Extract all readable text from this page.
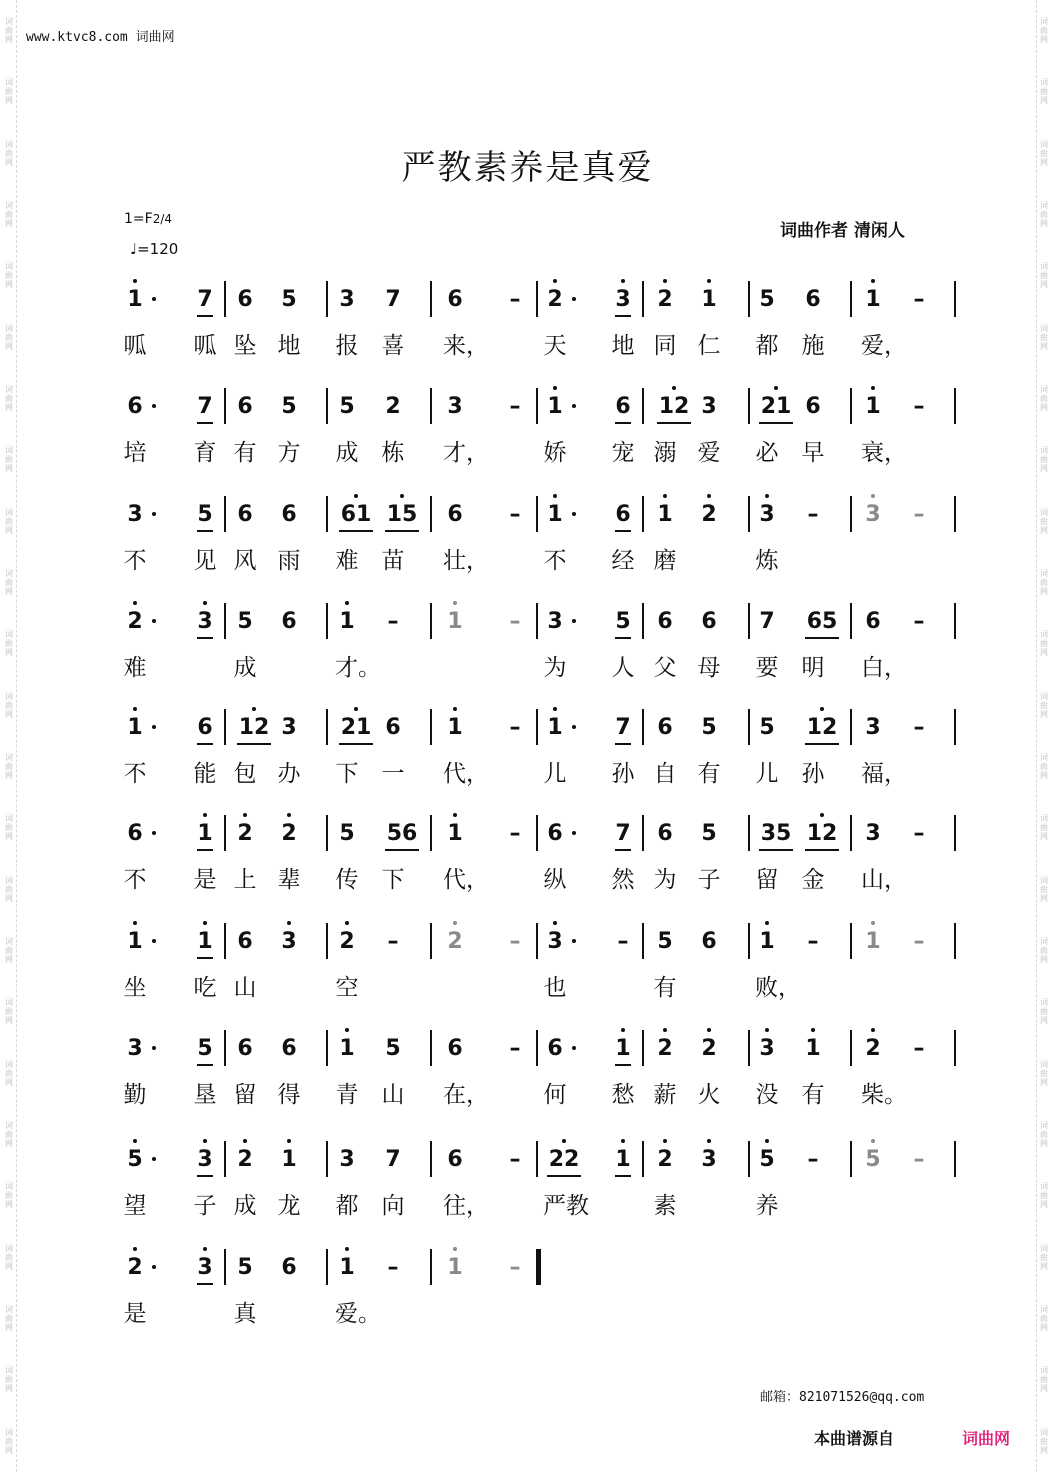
词曲网
词曲网
词曲网
词曲网
词曲网
词曲网
词曲网
词曲网
词曲网
词曲网
词曲网
词曲网
词曲网
词曲网
词曲网
词曲网
词曲网
词曲网
词曲网
词曲网
词曲网
词曲网
词曲网
词曲网
词曲网
词曲网
词曲网
词曲网
词曲网
词曲网
词曲网
词曲网
词曲网
词曲网
词曲网
词曲网
词曲网
词曲网
词曲网
词曲网
词曲网
词曲网
词曲网
词曲网
词曲网
词曲网
词曲网
词曲网
www.ktvc8.com 词曲网
严教素养是真爱
1=F2/4
♩=120
词曲作者 清闲人
1 7 6 5 3 7 6	–	2 3 2 1 5 6 1	–
呱 呱 坠 地 报 喜 来， 天 地 同 仁 都 施 爱，
6 7 6 5 5 2 3	–	1 6	12 3	21 6 1	–
培 育 有 方 成 栋 才， 娇 宠 溺 爱 必 早 衰，
3 5 6 6	61 15	6	–	1 6 1 2 3	–	3	–
不 见 风 雨 难 苗 壮， 不 经 磨	炼
2 3 5 6 1	–	1	–	3 5 6 6 7	65	6	–
难	成	才。	为 人 父 母 要 明 白，
1 6	12 3	21 6 1	–	1 7 6 5 5	12	3	–
不 能 包 办 下 一 代， 儿 孙 自 有 儿 孙 福，
6 1 2 2 5	56	1	–	6 7 6 5	35 12	3	–
不 是 上 辈 传 下 代， 纵 然 为 子 留 金 山，
1 1 6 3 2	–	2	–	3	–	5 6 1	–	1	–
坐 吃 山	空	也	有	败，
3 5 6 6 1 5 6	–	6 1 2 2 3 1 2	–
勤 垦 留 得 青 山 在， 何 愁 薪 火 没 有 柴。
5 3 2 1 3 7 6	–	22	1 2 3 5	–	5	–
望 子 成 龙 都 向 往， 严教	素	养
2 3 5 6 1	–	1	–
是	真	爱。
邮箱：821071526@qq.com
本曲谱源自	词曲网
